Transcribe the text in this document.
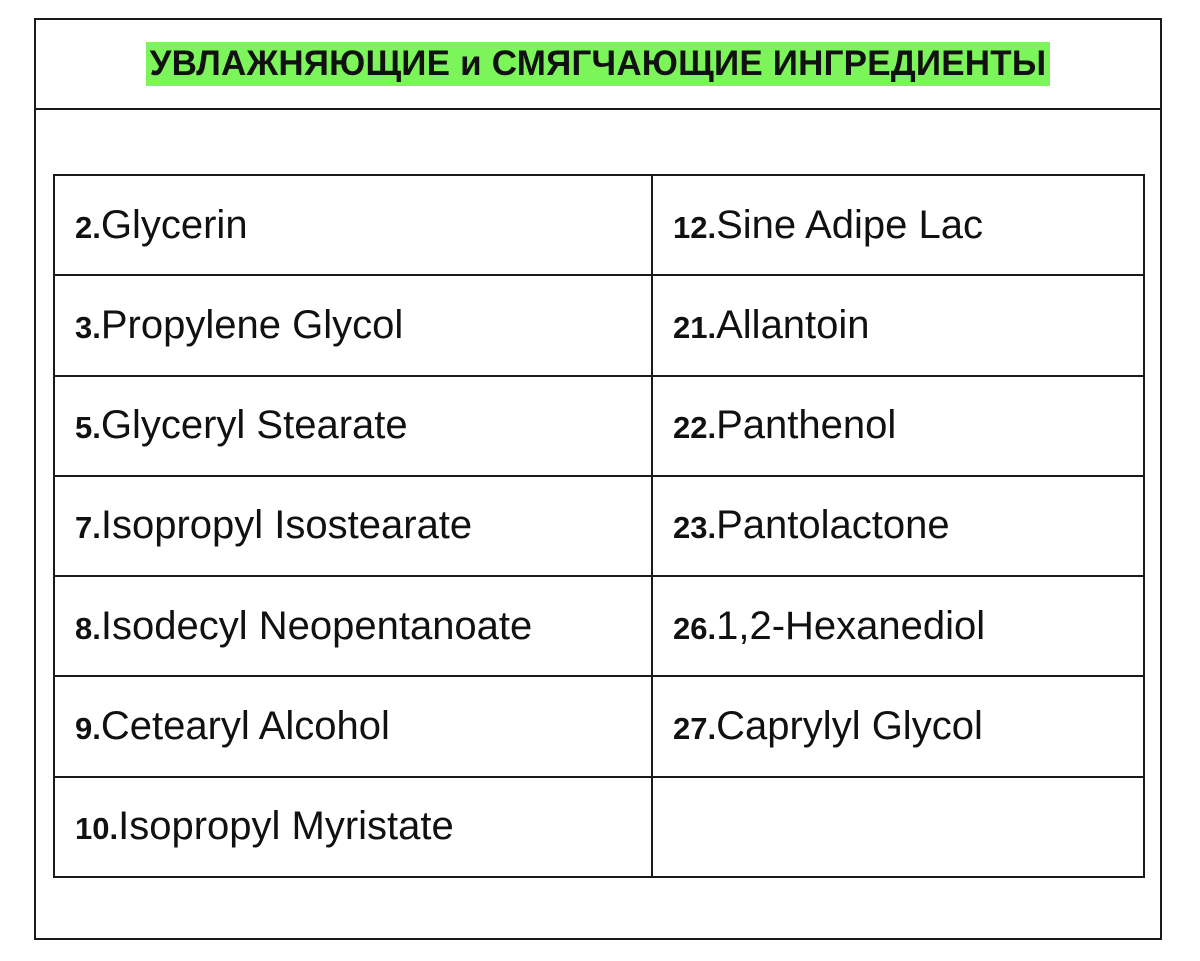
УВЛАЖНЯЮЩИЕ и СМЯГЧАЮЩИЕ ИНГРЕДИЕНТЫ
2.Glycerin	12.Sine Adipe Lac
3.Propylene Glycol	21.Allantoin
5.Glyceryl Stearate	22.Panthenol
7.Isopropyl Isostearate	23.Pantolactone
8.Isodecyl Neopentanoate	26.1,2-Hexanediol
9.Cetearyl Alcohol	27.Caprylyl Glycol
10.Isopropyl Myristate	
